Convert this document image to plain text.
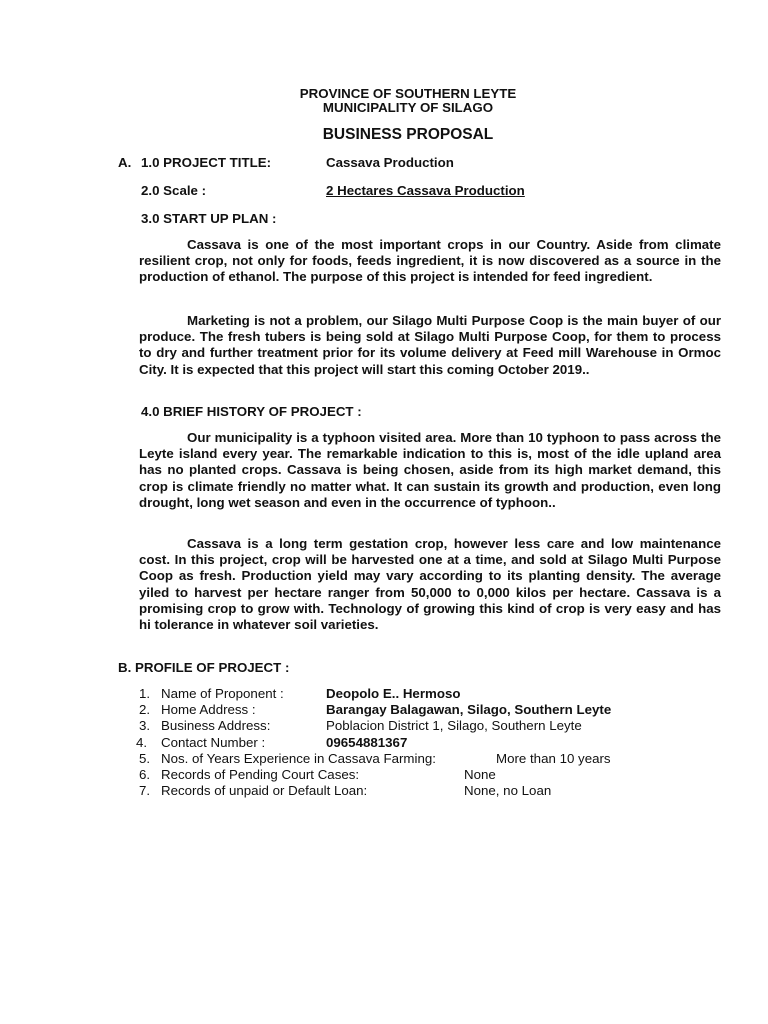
PROVINCE OF SOUTHERN LEYTE
MUNICIPALITY OF SILAGO
BUSINESS PROPOSAL
A. 1.0 PROJECT TITLE:	Cassava Production
2.0 Scale :	2 Hectares Cassava Production
3.0 START UP PLAN :

Cassava is one of the most important crops in our Country. Aside from climate resilient crop, not only for foods, feeds ingredient, it is now discovered as a source in the production of ethanol. The purpose of this project is intended for feed ingredient.

Marketing is not a problem, our Silago Multi Purpose Coop is the main buyer of our produce. The fresh tubers is being sold at Silago Multi Purpose Coop, for them to process to dry and further treatment prior for its volume delivery at Feed mill Warehouse in Ormoc City. It is expected that this project will start this coming October 2019..

4.0 BRIEF HISTORY OF PROJECT :

Our municipality is a typhoon visited area. More than 10 typhoon to pass across the Leyte island every year. The remarkable indication to this is, most of the idle upland area has no planted crops. Cassava is being chosen, aside from its high market demand, this crop is climate friendly no matter what. It can sustain its growth and production, even long drought, long wet season and even in the occurrence of typhoon..

Cassava is a long term gestation crop, however less care and low maintenance cost. In this project, crop will be harvested one at a time, and sold at Silago Multi Purpose Coop as fresh. Production yield may vary according to its planting density. The average yiled to harvest per hectare ranger from 50,000 to 0,000 kilos per hectare. Cassava is a promising crop to grow with. Technology of growing this kind of crop is very easy and has hi tolerance in whatever soil varieties.

B. PROFILE OF PROJECT :
1. Name of Proponent :	Deopolo E.. Hermoso
2. Home Address :	Barangay Balagawan, Silago, Southern Leyte
3. Business Address:	Poblacion District 1, Silago, Southern Leyte
4.	Contact Number :	09654881367
5. Nos. of Years Experience in Cassava Farming:	More than 10 years
6. Records of Pending Court Cases:	None
7. Records of unpaid or Default Loan:	None, no Loan
